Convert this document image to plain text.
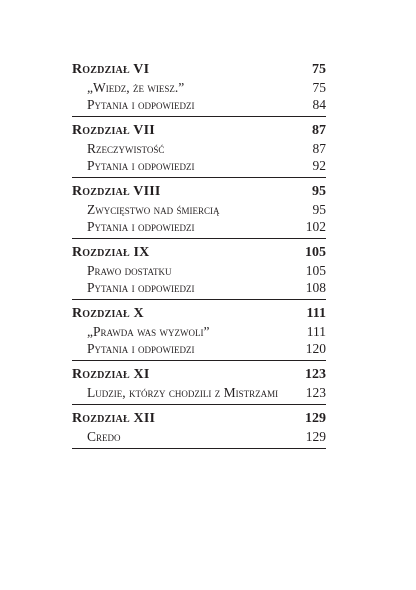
Rozdział VI	75
„Wiedz, że wiesz.”	75
Pytania i odpowiedzi	84
Rozdział VII	87
Rzeczywistość	87
Pytania i odpowiedzi	92
Rozdział VIII	95
Zwycięstwo nad śmiercią	95
Pytania i odpowiedzi	102
Rozdział IX	105
Prawo dostatku	105
Pytania i odpowiedzi	108
Rozdział X	111
„Prawda was wyzwoli”	111
Pytania i odpowiedzi	120
Rozdział XI	123
Ludzie, którzy chodzili z Mistrzami 123
Rozdział XII	129
Credo	129
